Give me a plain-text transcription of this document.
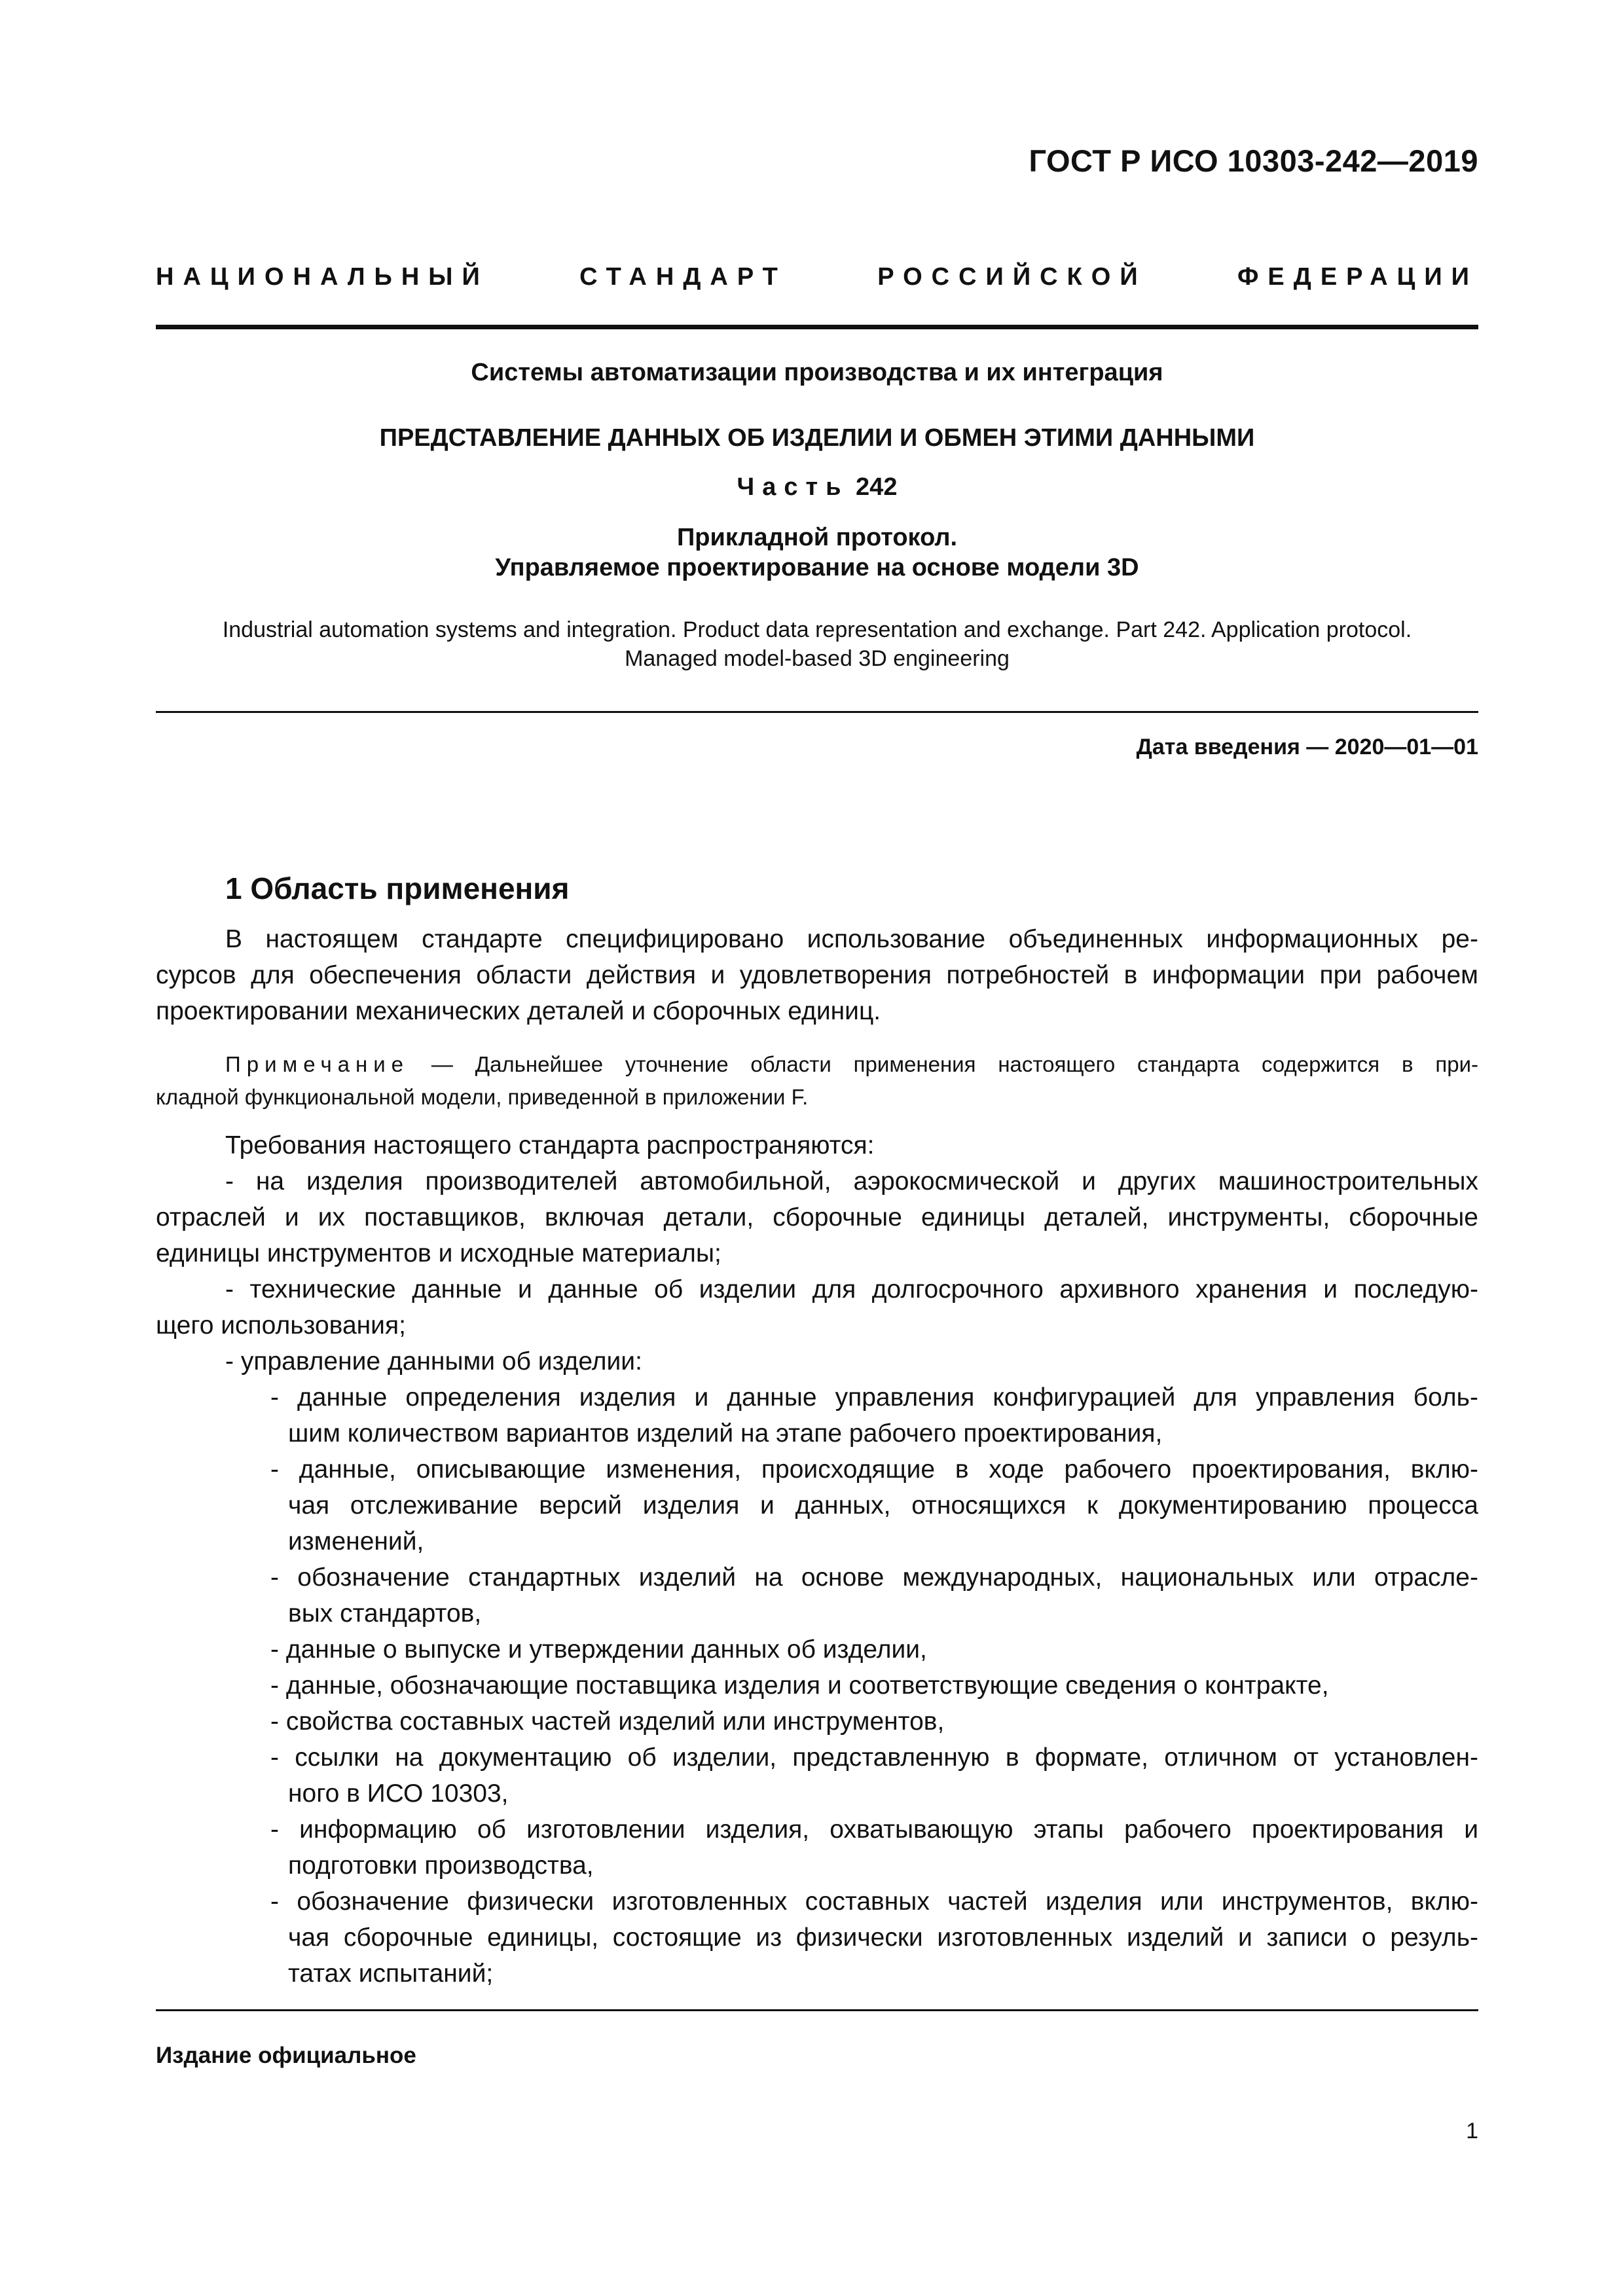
ГОСТ Р ИСО 10303-242—2019
НАЦИОНАЛЬНЫЙ СТАНДАРТ РОССИЙСКОЙ ФЕДЕРАЦИИ
Системы автоматизации производства и их интеграция
ПРЕДСТАВЛЕНИЕ ДАННЫХ ОБ ИЗДЕЛИИ И ОБМЕН ЭТИМИ ДАННЫМИ
Часть 242
Прикладной протокол.
Управляемое проектирование на основе модели 3D
Industrial automation systems and integration. Product data representation and exchange. Part 242. Application protocol.
Managed model-based 3D engineering
Дата введения — 2020—01—01
1 Область применения
В настоящем стандарте специфицировано использование объединенных информационных ре-
сурсов для обеспечения области действия и удовлетворения потребностей в информации при рабочем
проектировании механических деталей и сборочных единиц.
Примечание — Дальнейшее уточнение области применения настоящего стандарта содержится в при-
кладной функциональной модели, приведенной в приложении F.
Требования настоящего стандарта распространяются:
- на изделия производителей автомобильной, аэрокосмической и других машиностроительных
отраслей и их поставщиков, включая детали, сборочные единицы деталей, инструменты, сборочные
единицы инструментов и исходные материалы;
- технические данные и данные об изделии для долгосрочного архивного хранения и последую-
щего использования;
- управление данными об изделии:
- данные определения изделия и данные управления конфигурацией для управления боль-
шим количеством вариантов изделий на этапе рабочего проектирования,
- данные, описывающие изменения, происходящие в ходе рабочего проектирования, вклю-
чая отслеживание версий изделия и данных, относящихся к документированию процесса
изменений,
- обозначение стандартных изделий на основе международных, национальных или отрасле-
вых стандартов,
- данные о выпуске и утверждении данных об изделии,
- данные, обозначающие поставщика изделия и соответствующие сведения о контракте,
- свойства составных частей изделий или инструментов,
- ссылки на документацию об изделии, представленную в формате, отличном от установлен-
ного в ИСО 10303,
- информацию об изготовлении изделия, охватывающую этапы рабочего проектирования и
подготовки производства,
- обозначение физически изготовленных составных частей изделия или инструментов, вклю-
чая сборочные единицы, состоящие из физически изготовленных изделий и записи о резуль-
татах испытаний;
Издание официальное
1
